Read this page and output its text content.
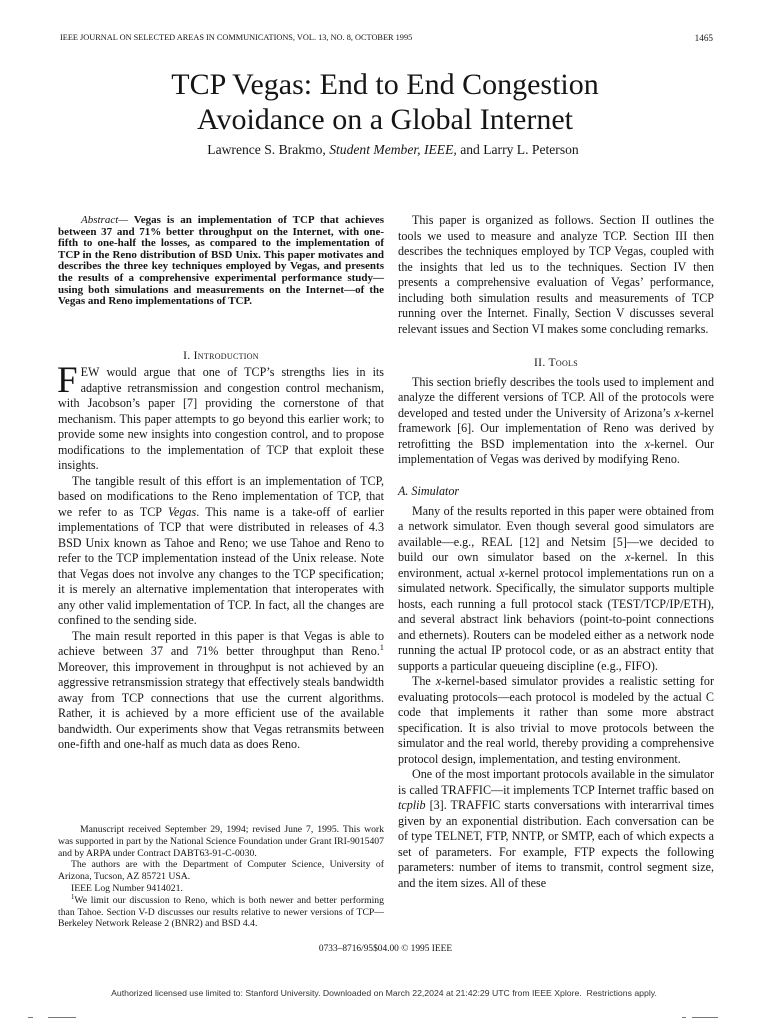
IEEE JOURNAL ON SELECTED AREAS IN COMMUNICATIONS, VOL. 13, NO. 8, OCTOBER 1995	1465
TCP Vegas: End to End Congestion
Avoidance on a Global Internet
Lawrence S. Brakmo, Student Member, IEEE, and Larry L. Peterson

Abstract— Vegas is an implementation of TCP that achieves between 37 and 71% better throughput on the Internet, with one-fifth to one-half the losses, as compared to the implementation of TCP in the Reno distribution of BSD Unix. This paper motivates and describes the three key techniques employed by Vegas, and presents the results of a comprehensive experimental performance study—using both simulations and measurements on the Internet—of the Vegas and Reno implementations of TCP.

I. Introduction

FEW would argue that one of TCP’s strengths lies in its adaptive retransmission and congestion control mechanism, with Jacobson’s paper [7] providing the cornerstone of that mechanism. This paper attempts to go beyond this earlier work; to provide some new insights into congestion control, and to propose modifications to the implementation of TCP that exploit these insights.

The tangible result of this effort is an implementation of TCP, based on modifications to the Reno implementation of TCP, that we refer to as TCP Vegas. This name is a take-off of earlier implementations of TCP that were distributed in releases of 4.3 BSD Unix known as Tahoe and Reno; we use Tahoe and Reno to refer to the TCP implementation instead of the Unix release. Note that Vegas does not involve any changes to the TCP specification; it is merely an alternative implementation that interoperates with any other valid implementation of TCP. In fact, all the changes are confined to the sending side.

The main result reported in this paper is that Vegas is able to achieve between 37 and 71% better throughput than Reno.$^1$ Moreover, this improvement in throughput is not achieved by an aggressive retransmission strategy that effectively steals bandwidth away from TCP connections that use the current algorithms. Rather, it is achieved by a more efficient use of the available bandwidth. Our experiments show that Vegas retransmits between one-fifth and one-half as much data as does Reno.

Manuscript received September 29, 1994; revised June 7, 1995. This work was supported in part by the National Science Foundation under Grant IRI-9015407 and by ARPA under Contract DABT63-91-C-0030.

The authors are with the Department of Computer Science, University of Arizona, Tucson, AZ 85721 USA.

IEEE Log Number 9414021.

$^1$We limit our discussion to Reno, which is both newer and better performing than Tahoe. Section V-D discusses our results relative to newer versions of TCP—Berkeley Network Release 2 (BNR2) and BSD 4.4.

This paper is organized as follows. Section II outlines the tools we used to measure and analyze TCP. Section III then describes the techniques employed by TCP Vegas, coupled with the insights that led us to the techniques. Section IV then presents a comprehensive evaluation of Vegas’ performance, including both simulation results and measurements of TCP running over the Internet. Finally, Section V discusses several relevant issues and Section VI makes some concluding remarks.

II. Tools

This section briefly describes the tools used to implement and analyze the different versions of TCP. All of the protocols were developed and tested under the University of Arizona’s x-kernel framework [6]. Our implementation of Reno was derived by retrofitting the BSD implementation into the x-kernel. Our implementation of Vegas was derived by modifying Reno.

A. Simulator

Many of the results reported in this paper were obtained from a network simulator. Even though several good simulators are available—e.g., REAL [12] and Netsim [5]—we decided to build our own simulator based on the x-kernel. In this environment, actual x-kernel protocol implementations run on a simulated network. Specifically, the simulator supports multiple hosts, each running a full protocol stack (TEST/TCP/IP/ETH), and several abstract link behaviors (point-to-point connections and ethernets). Routers can be modeled either as a network node running the actual IP protocol code, or as an abstract entity that supports a particular queueing discipline (e.g., FIFO).

The x-kernel-based simulator provides a realistic setting for evaluating protocols—each protocol is modeled by the actual C code that implements it rather than some more abstract specification. It is also trivial to move protocols between the simulator and the real world, thereby providing a comprehensive protocol design, implementation, and testing environment.

One of the most important protocols available in the simulator is called TRAFFIC—it implements TCP Internet traffic based on tcplib [3]. TRAFFIC starts conversations with interarrival times given by an exponential distribution. Each conversation can be of type TELNET, FTP, NNTP, or SMTP, each of which expects a set of parameters. For example, FTP expects the following parameters: number of items to transmit, control segment size, and the item sizes. All of these

0733–8716/95$04.00 © 1995 IEEE
Authorized licensed use limited to: Stanford University. Downloaded on March 22,2024 at 21:42:29 UTC from IEEE Xplore.  Restrictions apply.
